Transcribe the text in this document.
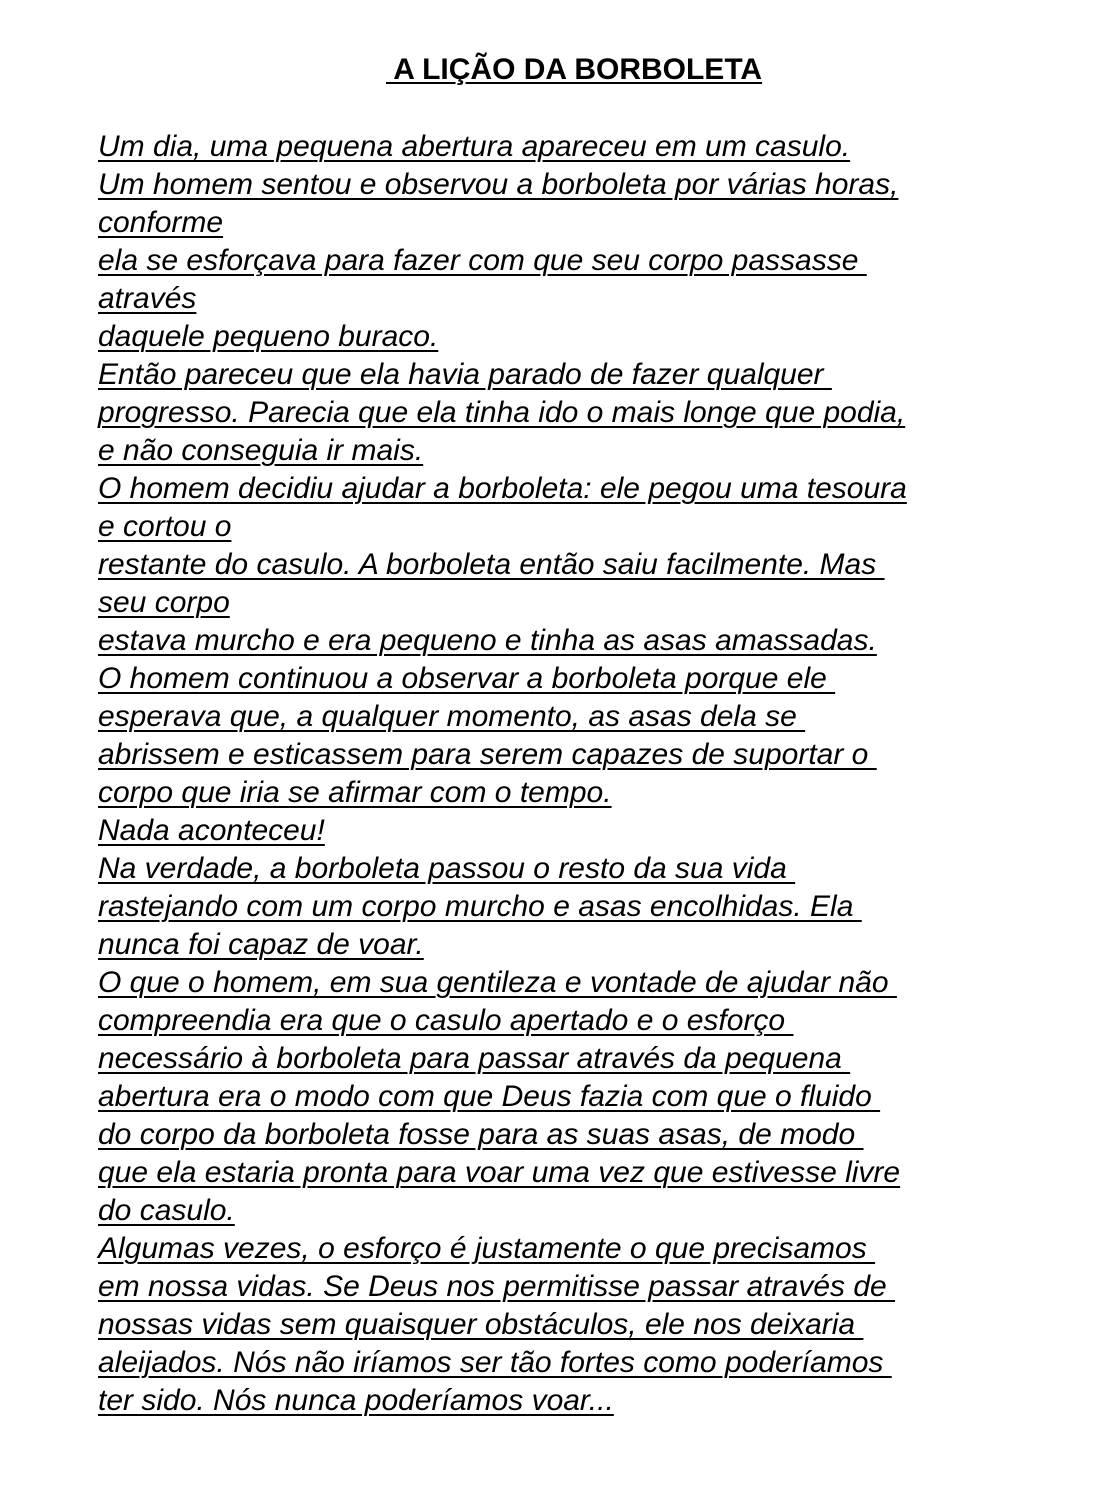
A LIÇÃO DA BORBOLETA
Um dia, uma pequena abertura apareceu em um casulo.
Um homem sentou e observou a borboleta por várias horas,
conforme
ela se esforçava para fazer com que seu corpo passasse
através
daquele pequeno buraco.
Então pareceu que ela havia parado de fazer qualquer
progresso. Parecia que ela tinha ido o mais longe que podia,
e não conseguia ir mais.
O homem decidiu ajudar a borboleta: ele pegou uma tesoura
e cortou o
restante do casulo. A borboleta então saiu facilmente. Mas
seu corpo
estava murcho e era pequeno e tinha as asas amassadas.
O homem continuou a observar a borboleta porque ele
esperava que, a qualquer momento, as asas dela se
abrissem e esticassem para serem capazes de suportar o
corpo que iria se afirmar com o tempo.
Nada aconteceu!
Na verdade, a borboleta passou o resto da sua vida
rastejando com um corpo murcho e asas encolhidas. Ela
nunca foi capaz de voar.
O que o homem, em sua gentileza e vontade de ajudar não
compreendia era que o casulo apertado e o esforço
necessário à borboleta para passar através da pequena
abertura era o modo com que Deus fazia com que o fluido
do corpo da borboleta fosse para as suas asas, de modo
que ela estaria pronta para voar uma vez que estivesse livre
do casulo.
Algumas vezes, o esforço é justamente o que precisamos
em nossa vidas. Se Deus nos permitisse passar através de
nossas vidas sem quaisquer obstáculos, ele nos deixaria
aleijados. Nós não iríamos ser tão fortes como poderíamos
ter sido. Nós nunca poderíamos voar...
